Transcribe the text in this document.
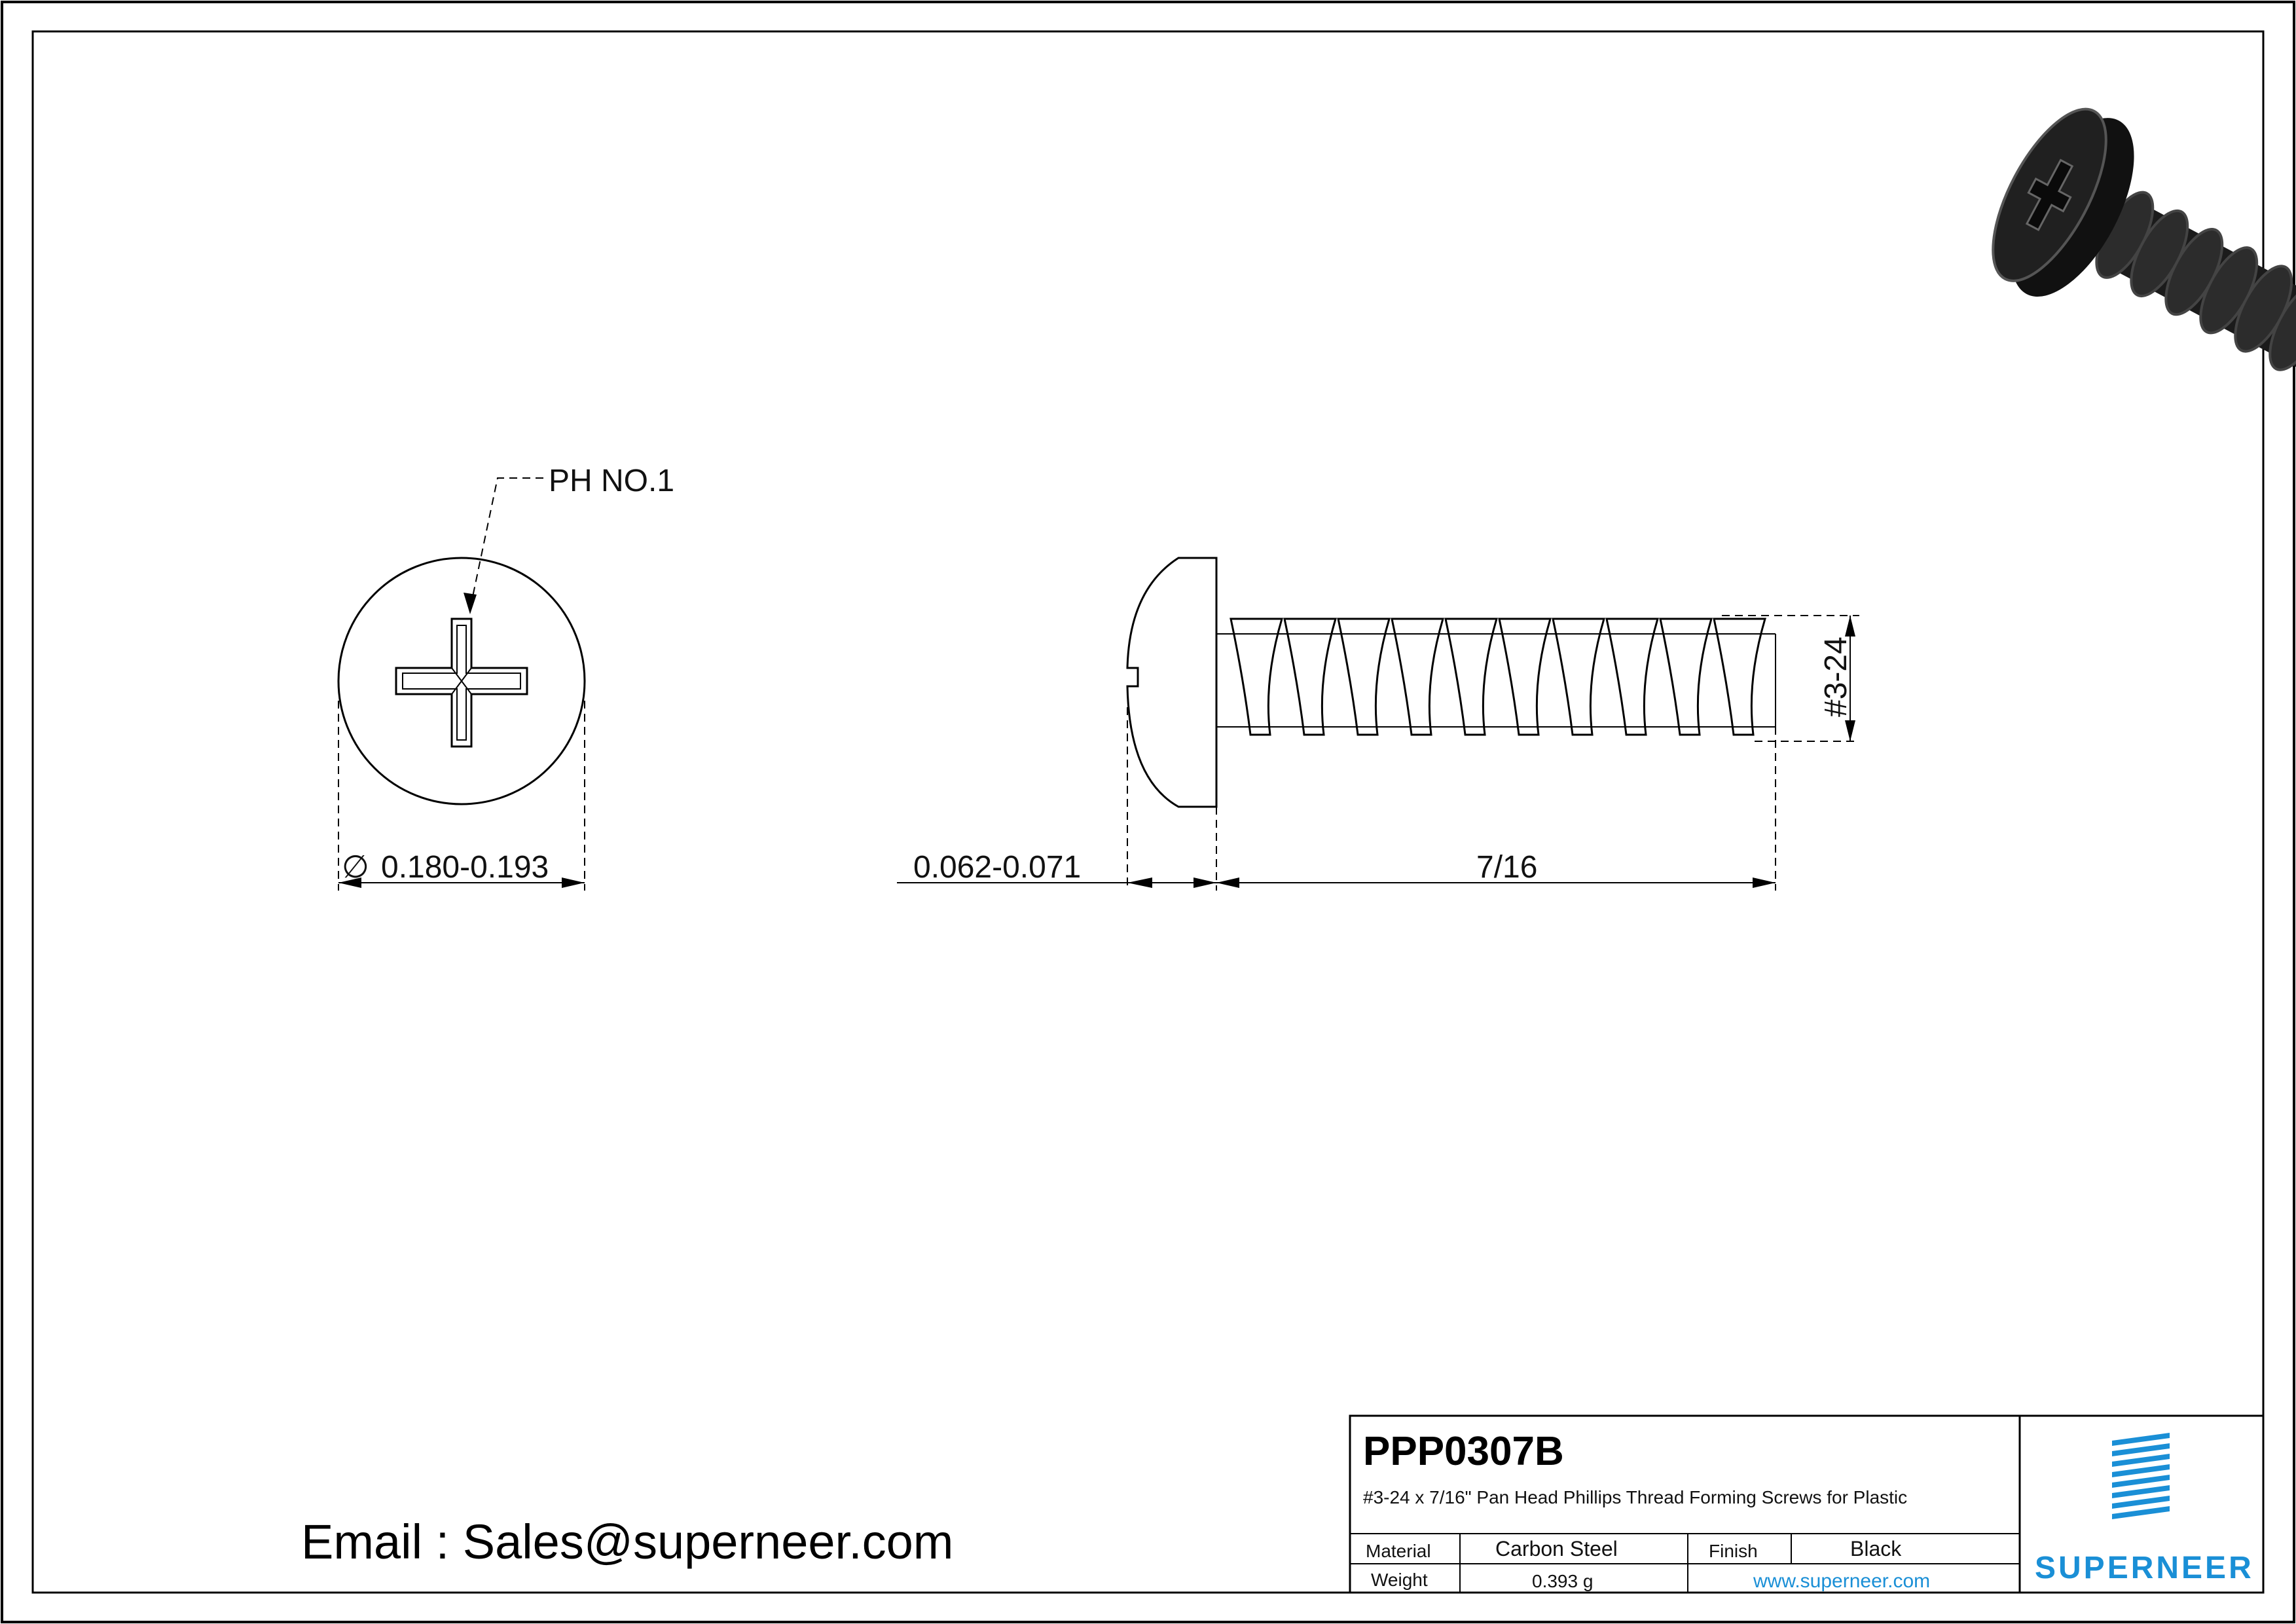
PH NO.1
∅ 0.180-0.193
#3-24
0.062-0.071	7/16
Email : Sales@superneer.com
PPP0307B
#3-24 x 7/16" Pan Head Phillips Thread Forming Screws for Plastic
Material	Carbon Steel	Finish	Black
Weight	0.393 g	www.superneer.com	SUPERNEER
